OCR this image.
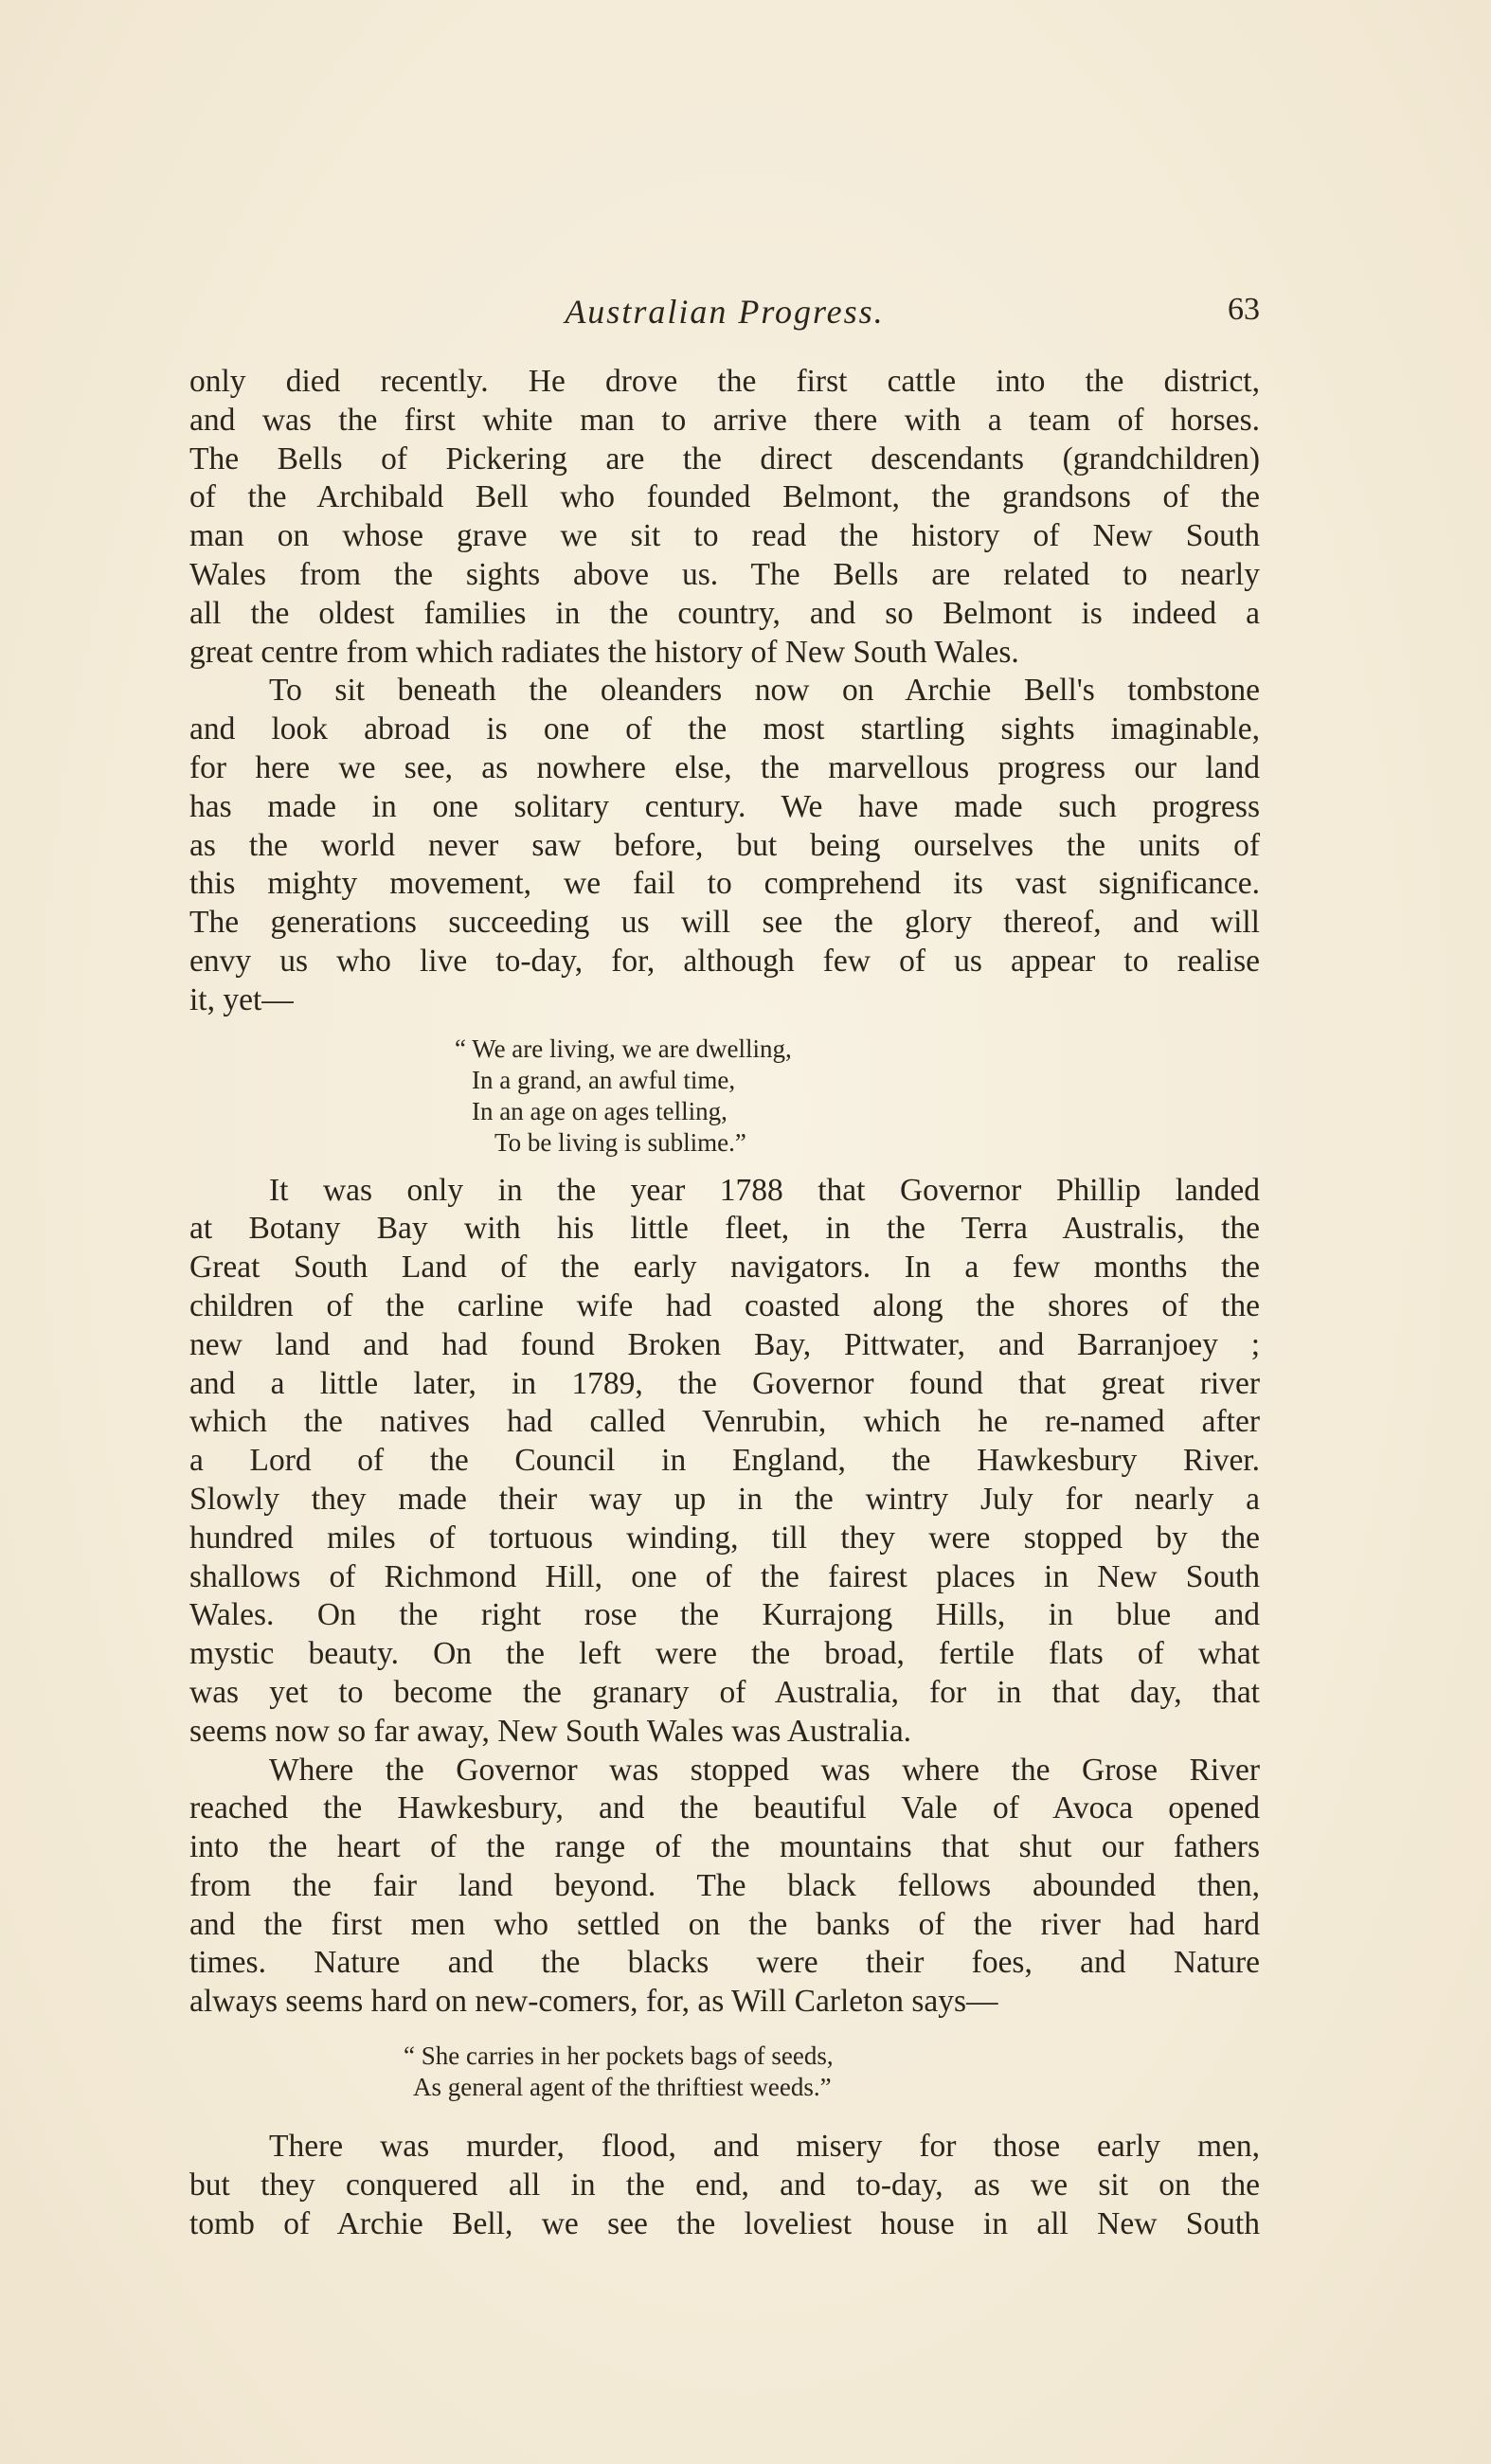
Australian Progress.	63

only died recently. He drove the first cattle into the district,
and was the first white man to arrive there with a team of horses.
The Bells of Pickering are the direct descendants (grandchildren)
of the Archibald Bell who founded Belmont, the grandsons of the
man on whose grave we sit to read the history of New South
Wales from the sights above us. The Bells are related to nearly
all the oldest families in the country, and so Belmont is indeed a
great centre from which radiates the history of New South Wales.

To sit beneath the oleanders now on Archie Bell's tombstone
and look abroad is one of the most startling sights imaginable,
for here we see, as nowhere else, the marvellous progress our land
has made in one solitary century. We have made such progress
as the world never saw before, but being ourselves the units of
this mighty movement, we fail to comprehend its vast significance.
The generations succeeding us will see the glory thereof, and will
envy us who live to-day, for, although few of us appear to realise
it, yet—

“ We are living, we are dwelling,
In a grand, an awful time,
In an age on ages telling,
To be living is sublime.”

It was only in the year 1788 that Governor Phillip landed
at Botany Bay with his little fleet, in the Terra Australis, the
Great South Land of the early navigators. In a few months the
children of the carline wife had coasted along the shores of the
new land and had found Broken Bay, Pittwater, and Barranjoey ;
and a little later, in 1789, the Governor found that great river
which the natives had called Venrubin, which he re-named after
a Lord of the Council in England, the Hawkesbury River.
Slowly they made their way up in the wintry July for nearly a
hundred miles of tortuous winding, till they were stopped by the
shallows of Richmond Hill, one of the fairest places in New South
Wales. On the right rose the Kurrajong Hills, in blue and
mystic beauty. On the left were the broad, fertile flats of what
was yet to become the granary of Australia, for in that day, that
seems now so far away, New South Wales was Australia.

Where the Governor was stopped was where the Grose River
reached the Hawkesbury, and the beautiful Vale of Avoca opened
into the heart of the range of the mountains that shut our fathers
from the fair land beyond. The black fellows abounded then,
and the first men who settled on the banks of the river had hard
times. Nature and the blacks were their foes, and Nature
always seems hard on new-comers, for, as Will Carleton says—

“ She carries in her pockets bags of seeds,
As general agent of the thriftiest weeds.”

There was murder, flood, and misery for those early men,
but they conquered all in the end, and to-day, as we sit on the
tomb of Archie Bell, we see the loveliest house in all New South
